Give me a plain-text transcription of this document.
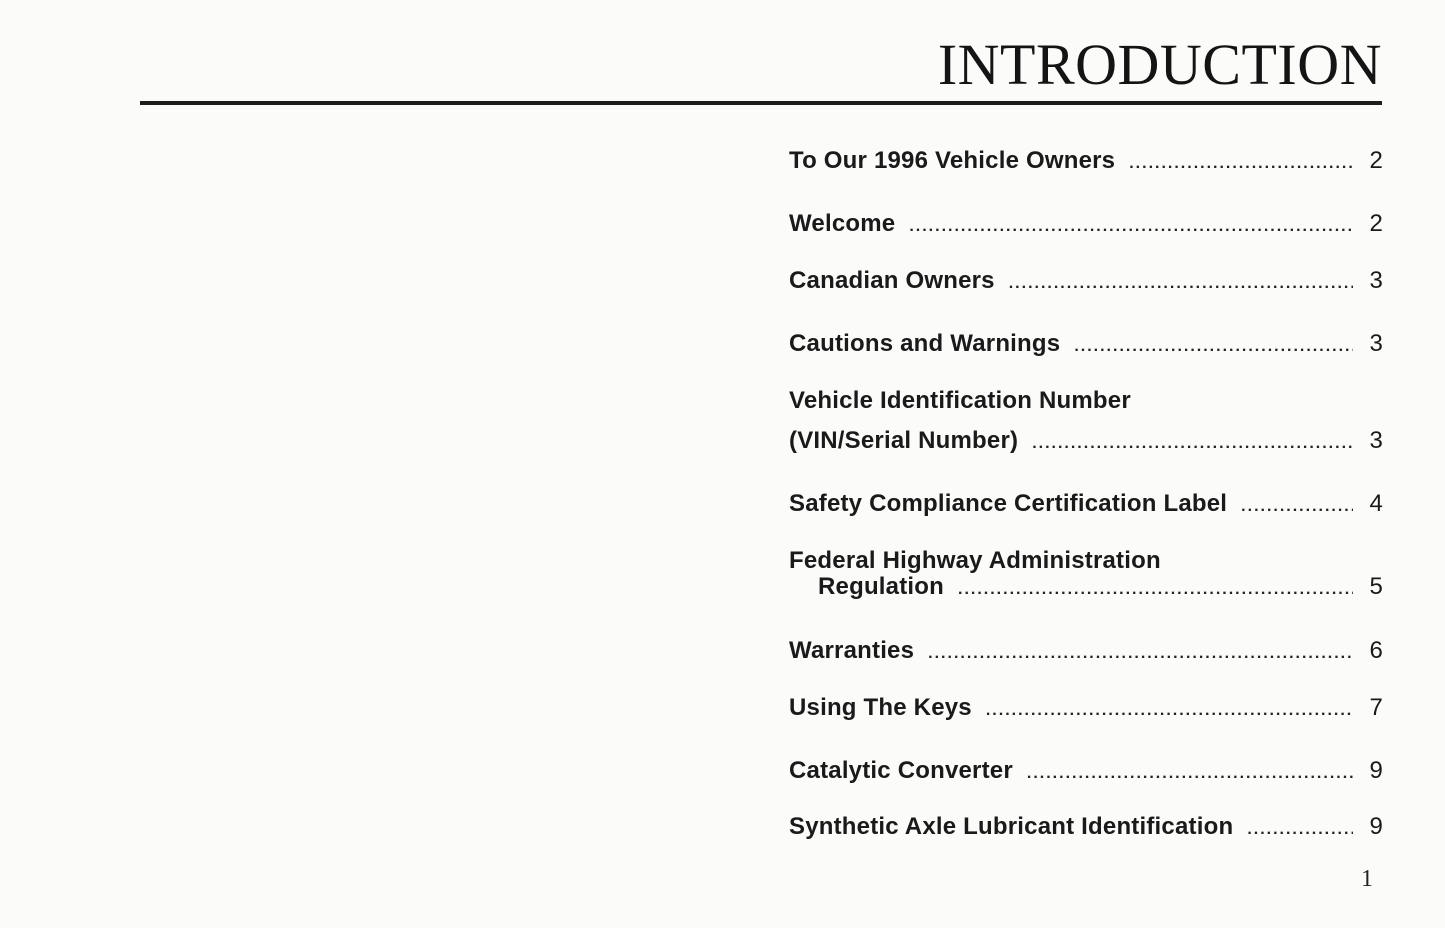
INTRODUCTION
To Our 1996 Vehicle Owners .....	2
Welcome .....	2
Canadian Owners .....	3
Cautions and Warnings .....	3
Vehicle Identification Number
(VIN/Serial Number) .....	3
Safety Compliance Certification Label .....	4
Federal Highway Administration
Regulation .....	5
Warranties .....	6
Using The Keys .....	7
Catalytic Converter .....	9
Synthetic Axle Lubricant Identification .....	9
1
